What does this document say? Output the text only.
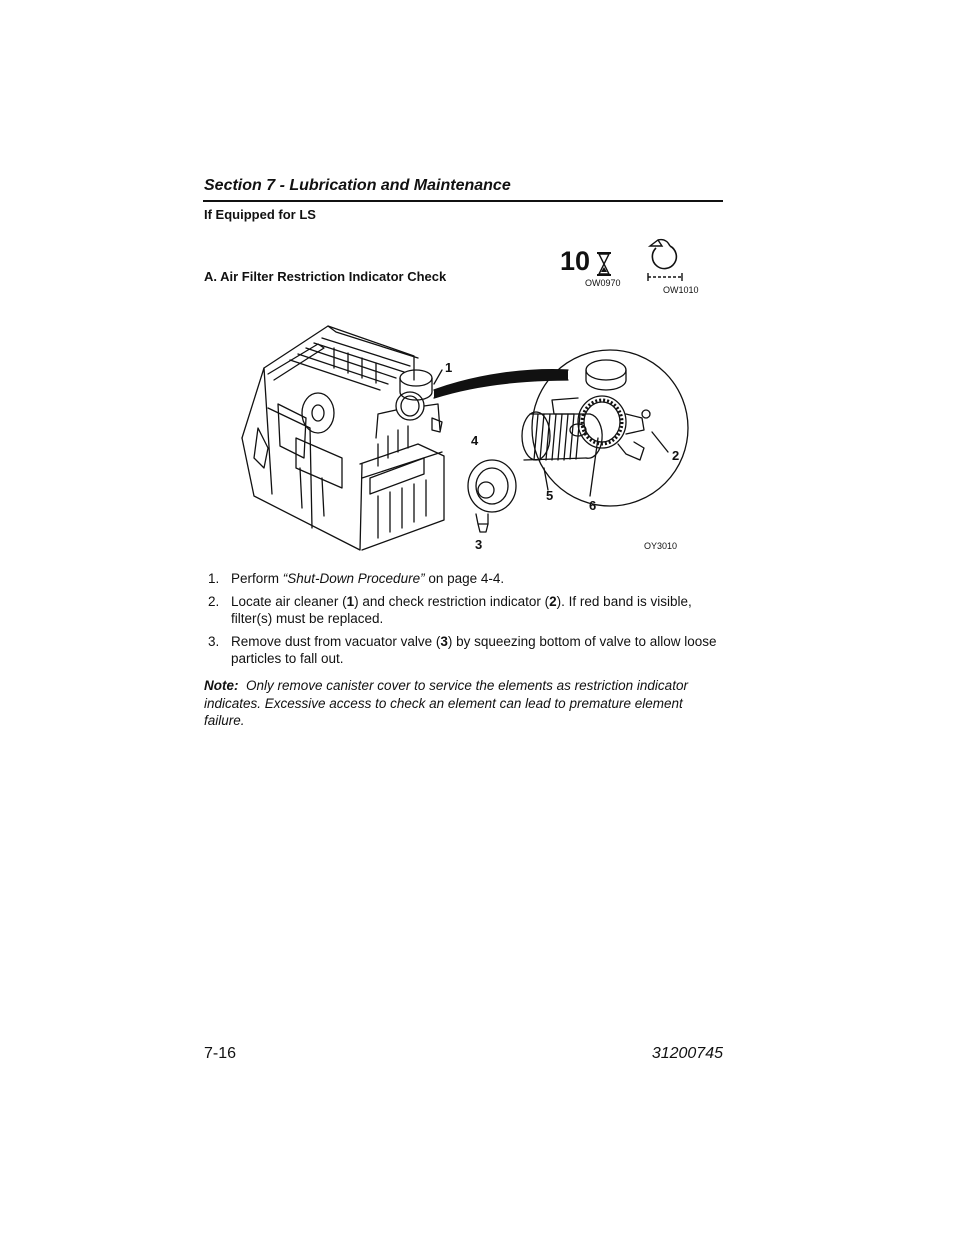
Section 7 - Lubrication and Maintenance
If Equipped for LS
A. Air Filter Restriction Indicator Check
10
OW0970
OW1010
1
2
3
4
5
6
OY3010
1. Perform “Shut-Down Procedure” on page 4-4.
2. Locate air cleaner (1) and check restriction indicator (2). If red band is visible, filter(s) must be replaced.
3. Remove dust from vacuator valve (3) by squeezing bottom of valve to allow loose particles to fall out.
Note: Only remove canister cover to service the elements as restriction indicator indicates. Excessive access to check an element can lead to premature element failure.
7-16	31200745
